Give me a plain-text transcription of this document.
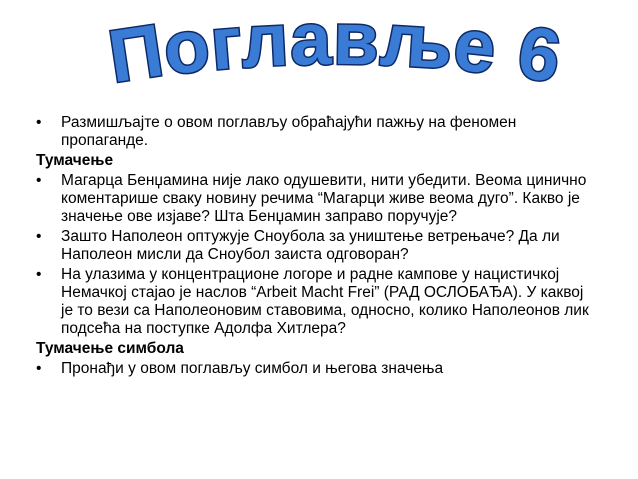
Поглавље 6
• Размишљајте о овом поглављу обраћајући пажњу на феномен пропаганде.
Тумачење
• Магарца Бенџамина није лако одушевити, нити убедити. Веома цинично коментарише сваку новину речима “Магарци живе веома дуго”. Какво је значење ове изјаве? Шта Бенџамин заправо поручује?
• Зашто Наполеон оптужује Сноубола за уништење ветрењаче? Да ли Наполеон мисли да Сноубол заиста одговоран?
• На улазима у концентрационе логоре и радне кампове у нацистичкој Немачкој стајао је наслов “Arbeit Macht Frei” (РАД ОСЛОБАЂА). У каквој је то вези са Наполеоновим ставовима, односно, колико Наполеонов лик подсећа на поступке Адолфа Хитлера?
Тумачење симбола
• Пронађи у овом поглављу симбол и његова значења
